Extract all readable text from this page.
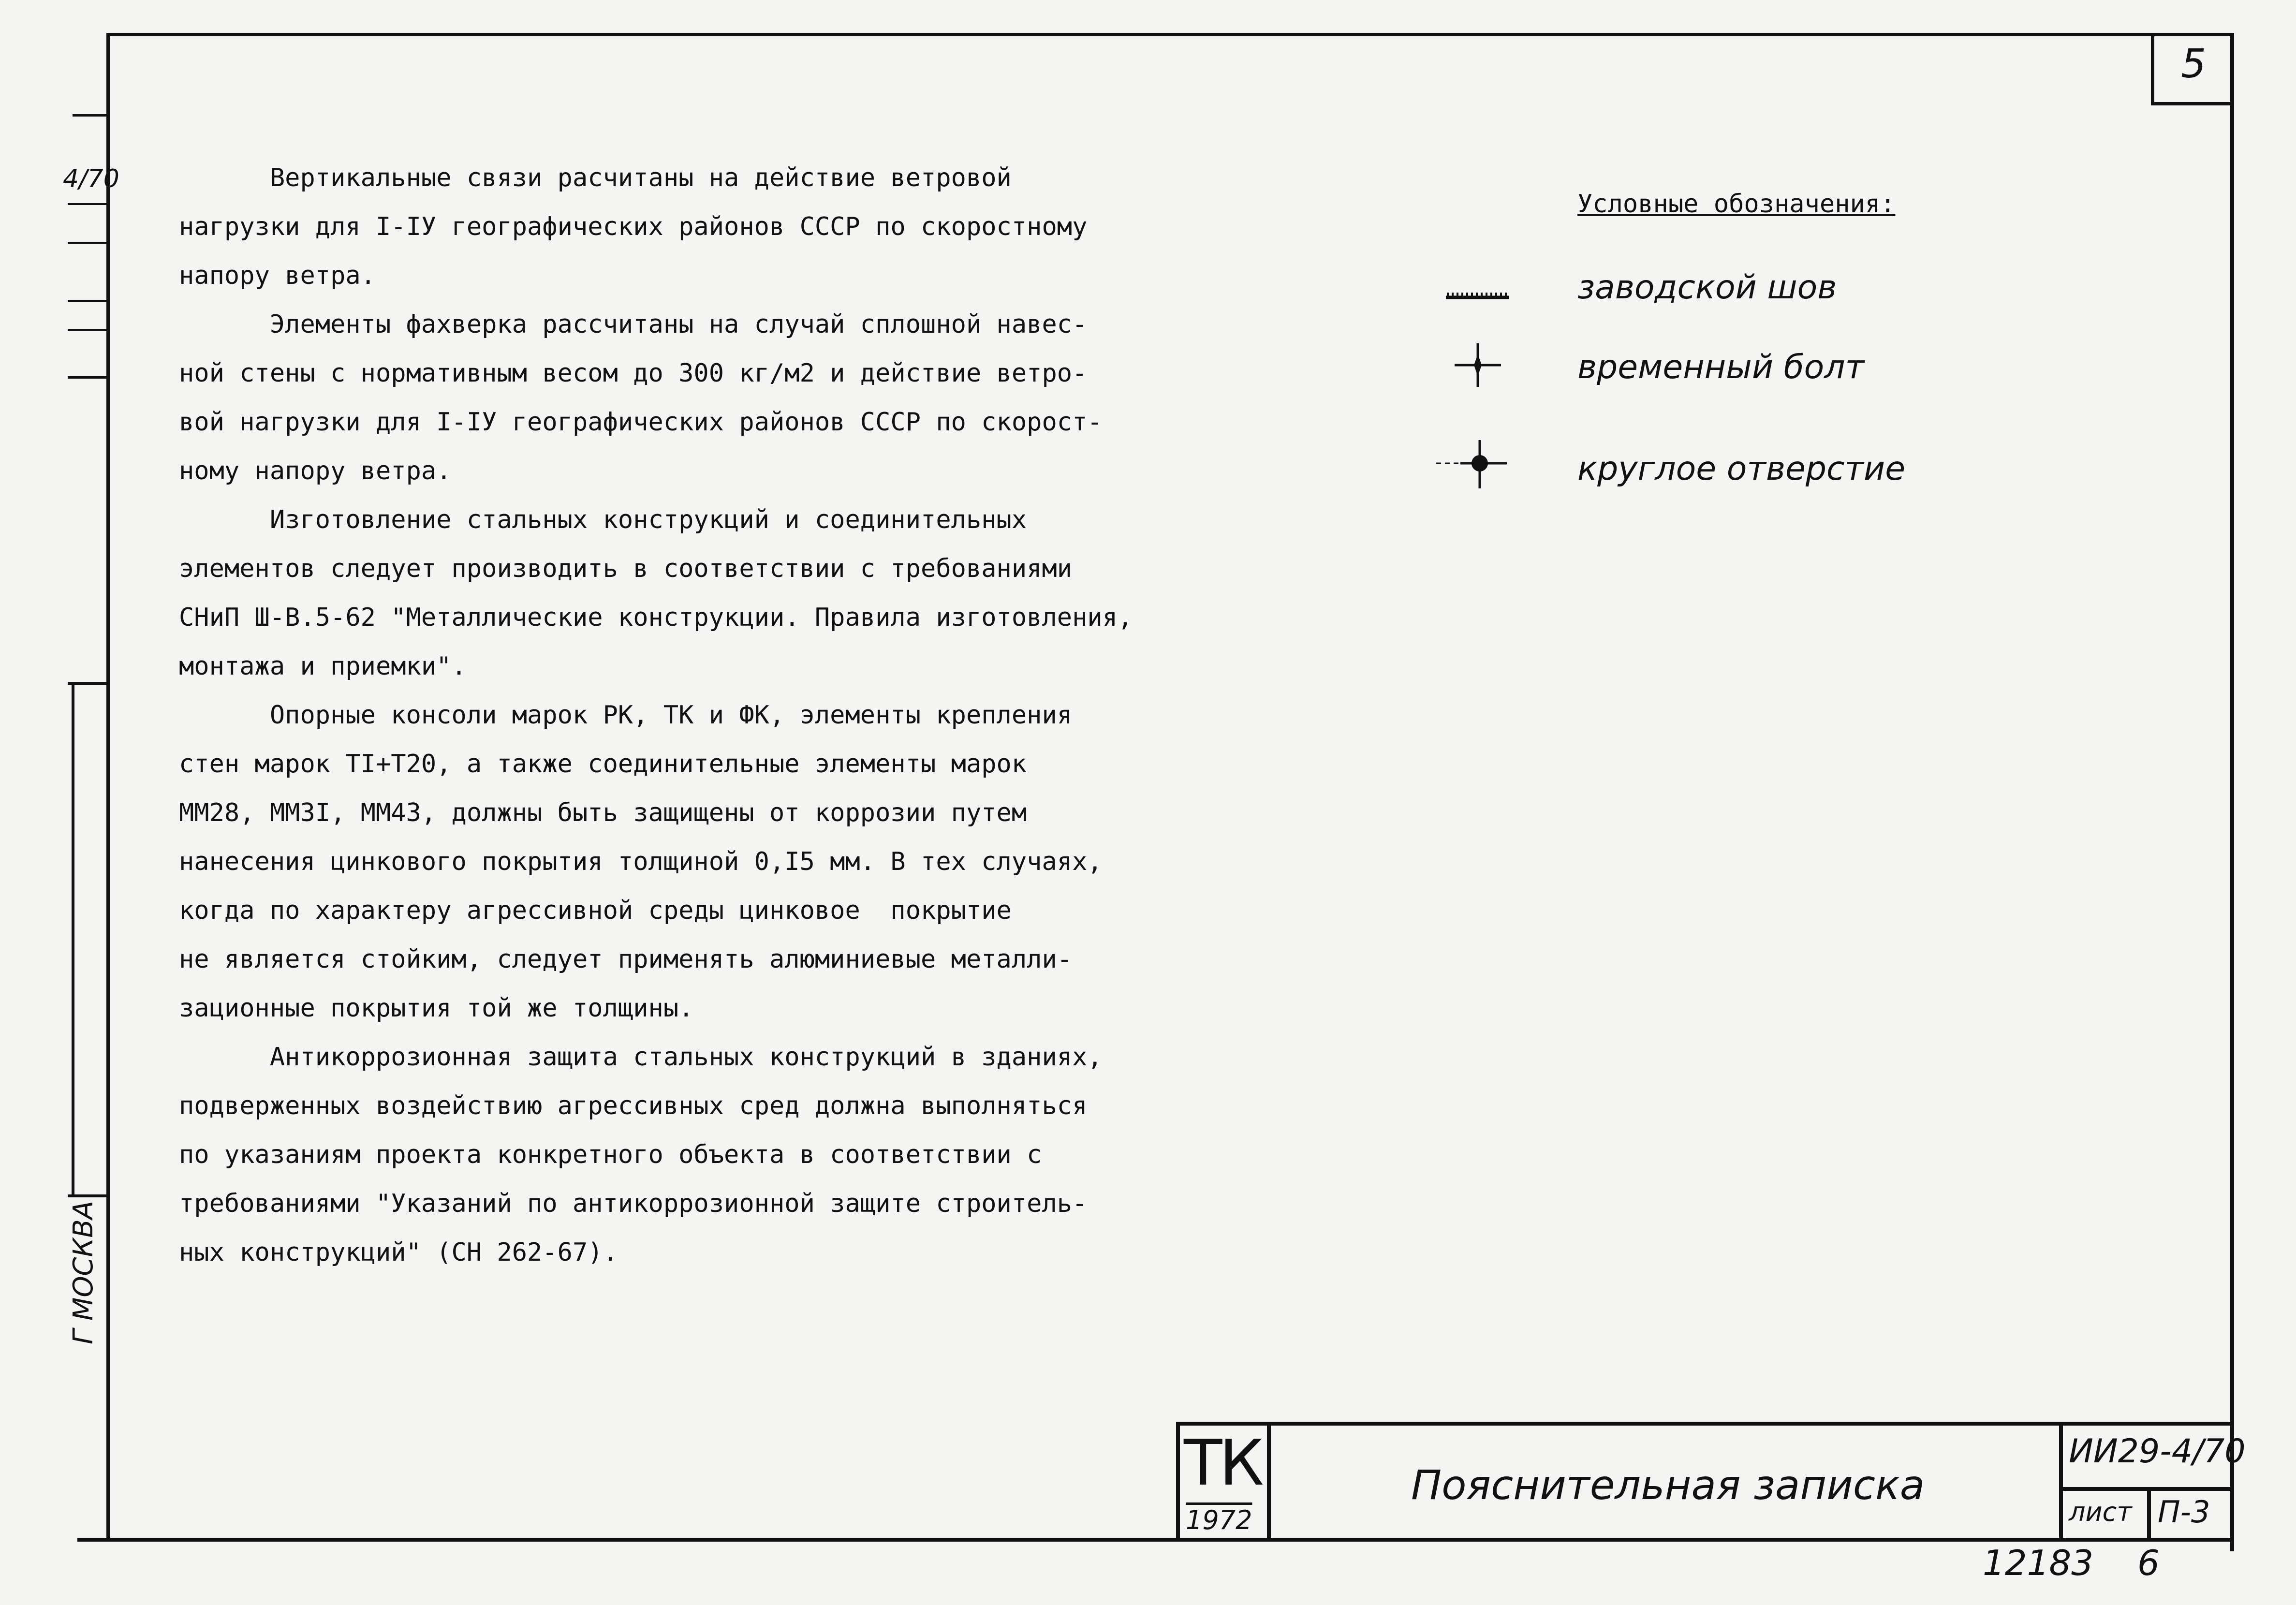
5
4/70
Г МОСКВА

Вертикальные связи расчитаны на действие ветровой

нагрузки для I-IУ географических районов СССР по скоростному

напору ветра.

Элементы фахверка рассчитаны на случай сплошной навес-

ной стены с нормативным весом до 300 кг/м2 и действие ветро-

вой нагрузки для I-IУ географических районов СССР по скорост-

ному напору ветра.

Изготовление стальных конструкций и соединительных

элементов следует производить в соответствии с требованиями

СНиП Ш-В.5-62 "Металлические конструкции. Правила изготовления,

монтажа и приемки".

Опорные консоли марок РК, ТК и ФК, элементы крепления

стен марок TI+T20, а также соединительные элементы марок

ММ28, ММ3I, ММ43, должны быть защищены от коррозии путем

нанесения цинкового покрытия толщиной 0,I5 мм. В тех случаях,

когда по характеру агрессивной среды цинковое  покрытие

не является стойким, следует применять алюминиевые металли-

зационные покрытия той же толщины.

Антикоррозионная защита стальных конструкций в зданиях,

подверженных воздействию агрессивных сред должна выполняться

по указаниям проекта конкретного объекта в соответствии с

требованиями "Указаний по антикоррозионной защите строитель-

ных конструкций" (СН 262-67).

Условные обозначения:
заводской шов
временный болт
круглое отверстие
ТК
1972
Пояснительная записка
ИИ29-4/70
лист П-3
12183 6
